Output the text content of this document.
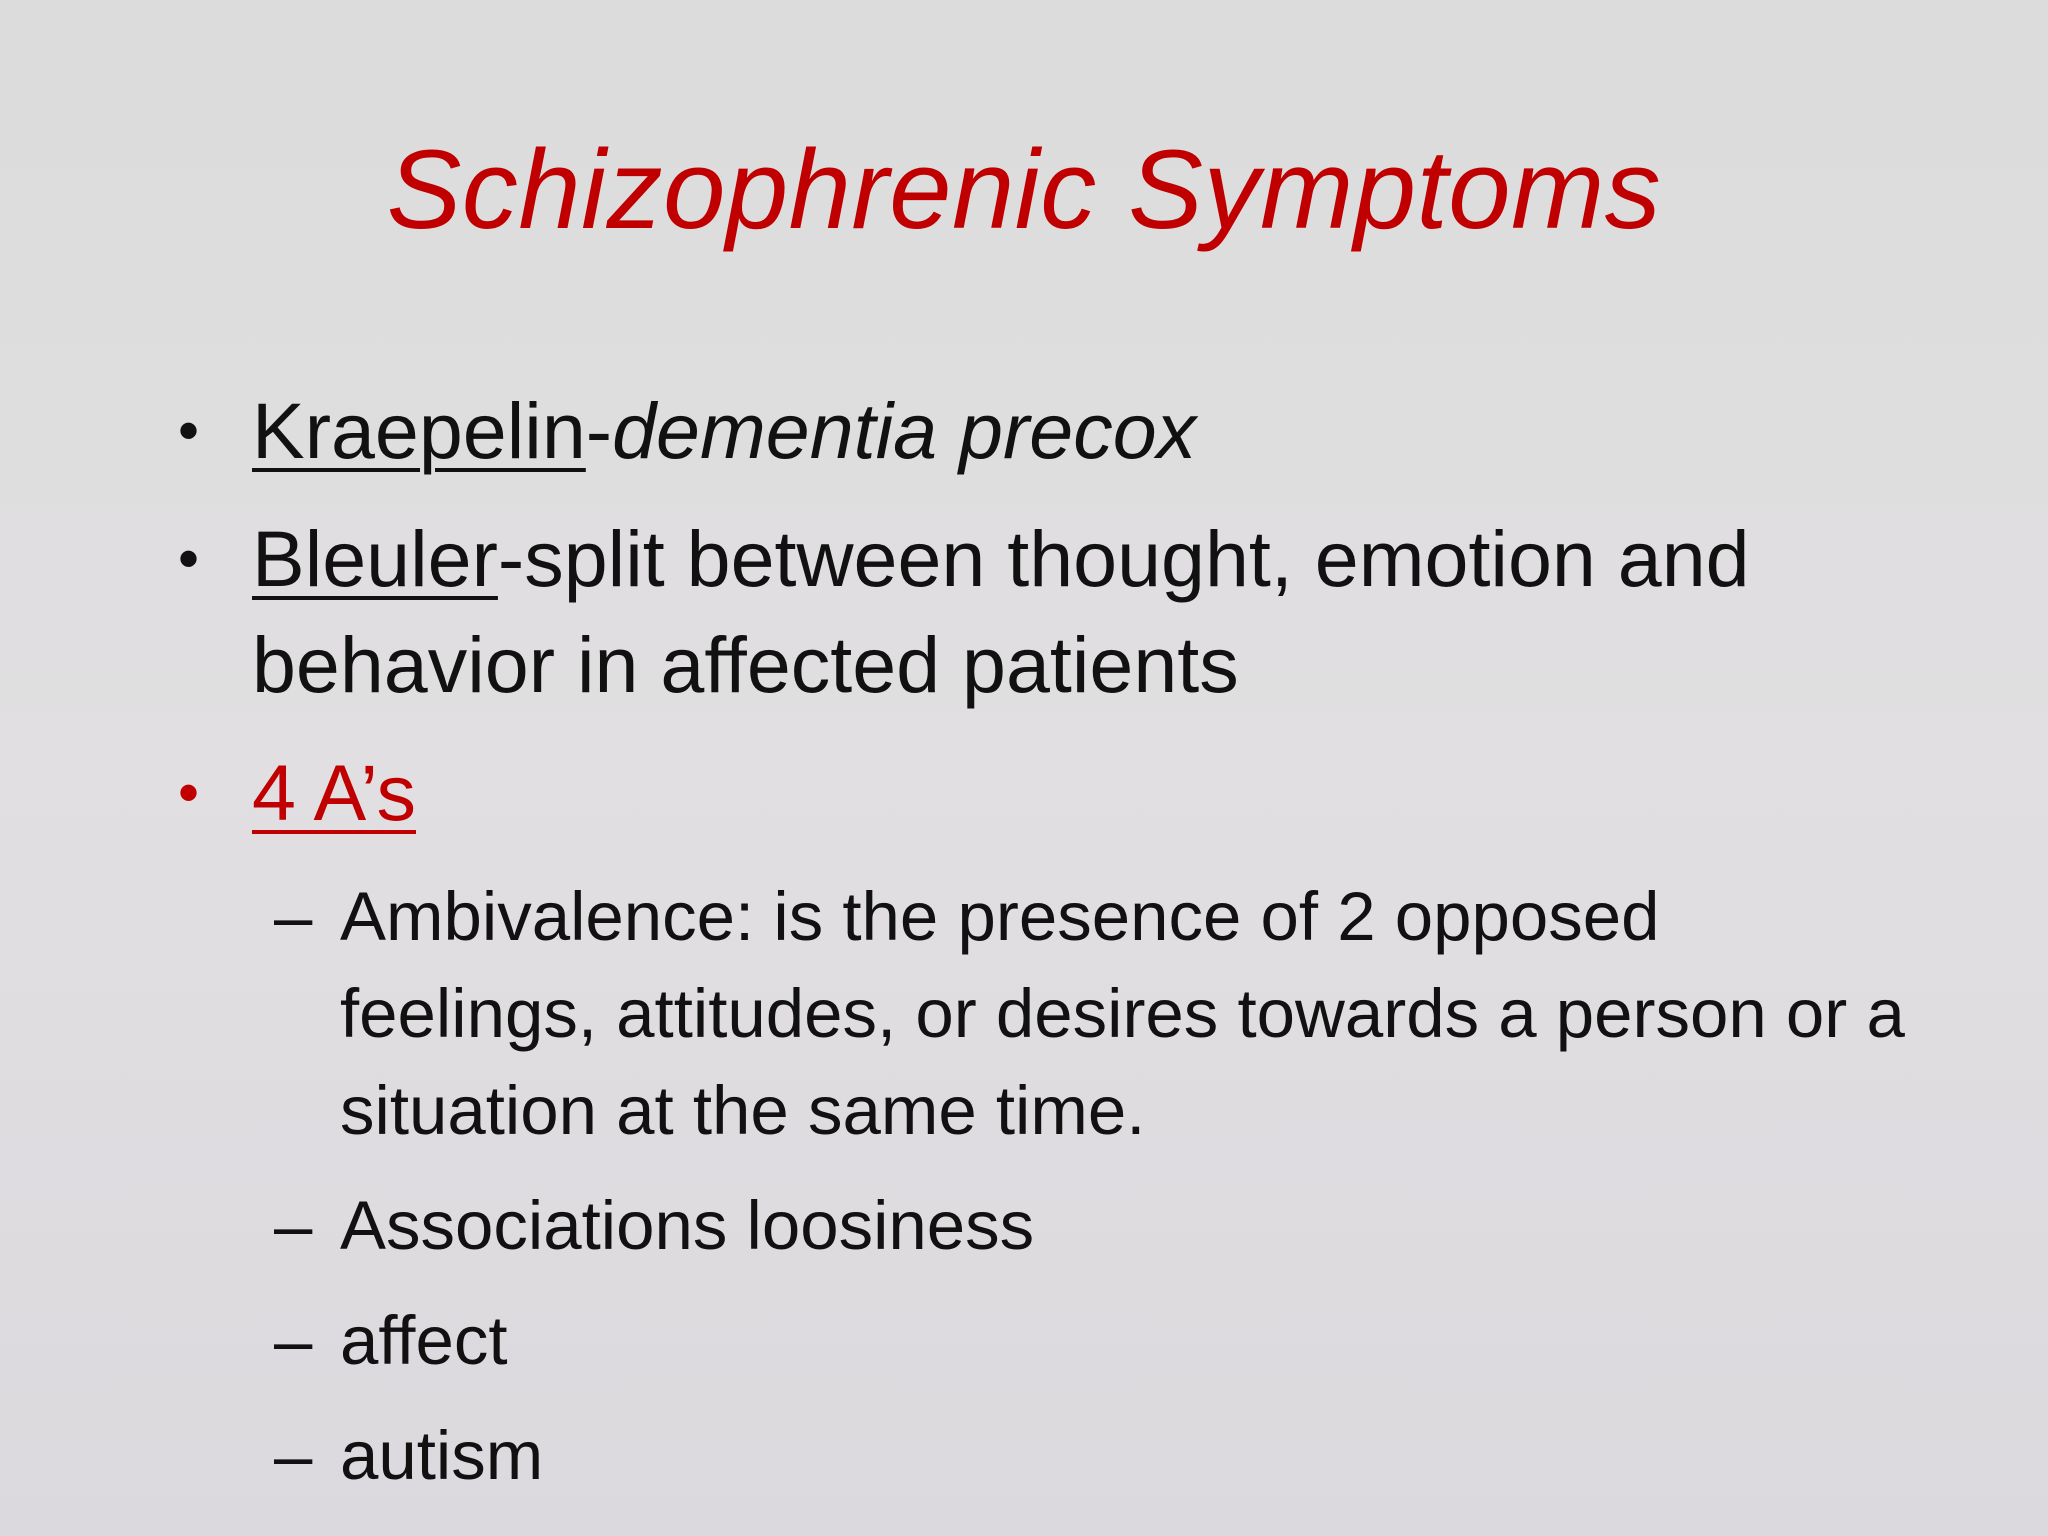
Schizophrenic Symptoms
• Kraepelin-dementia precox
• Bleuler-split between thought, emotion and behavior in affected patients
• 4 A’s
– Ambivalence: is the presence of 2 opposed feelings, attitudes, or desires towards a person or a situation at the same time.
– Associations loosiness
– affect
– autism
